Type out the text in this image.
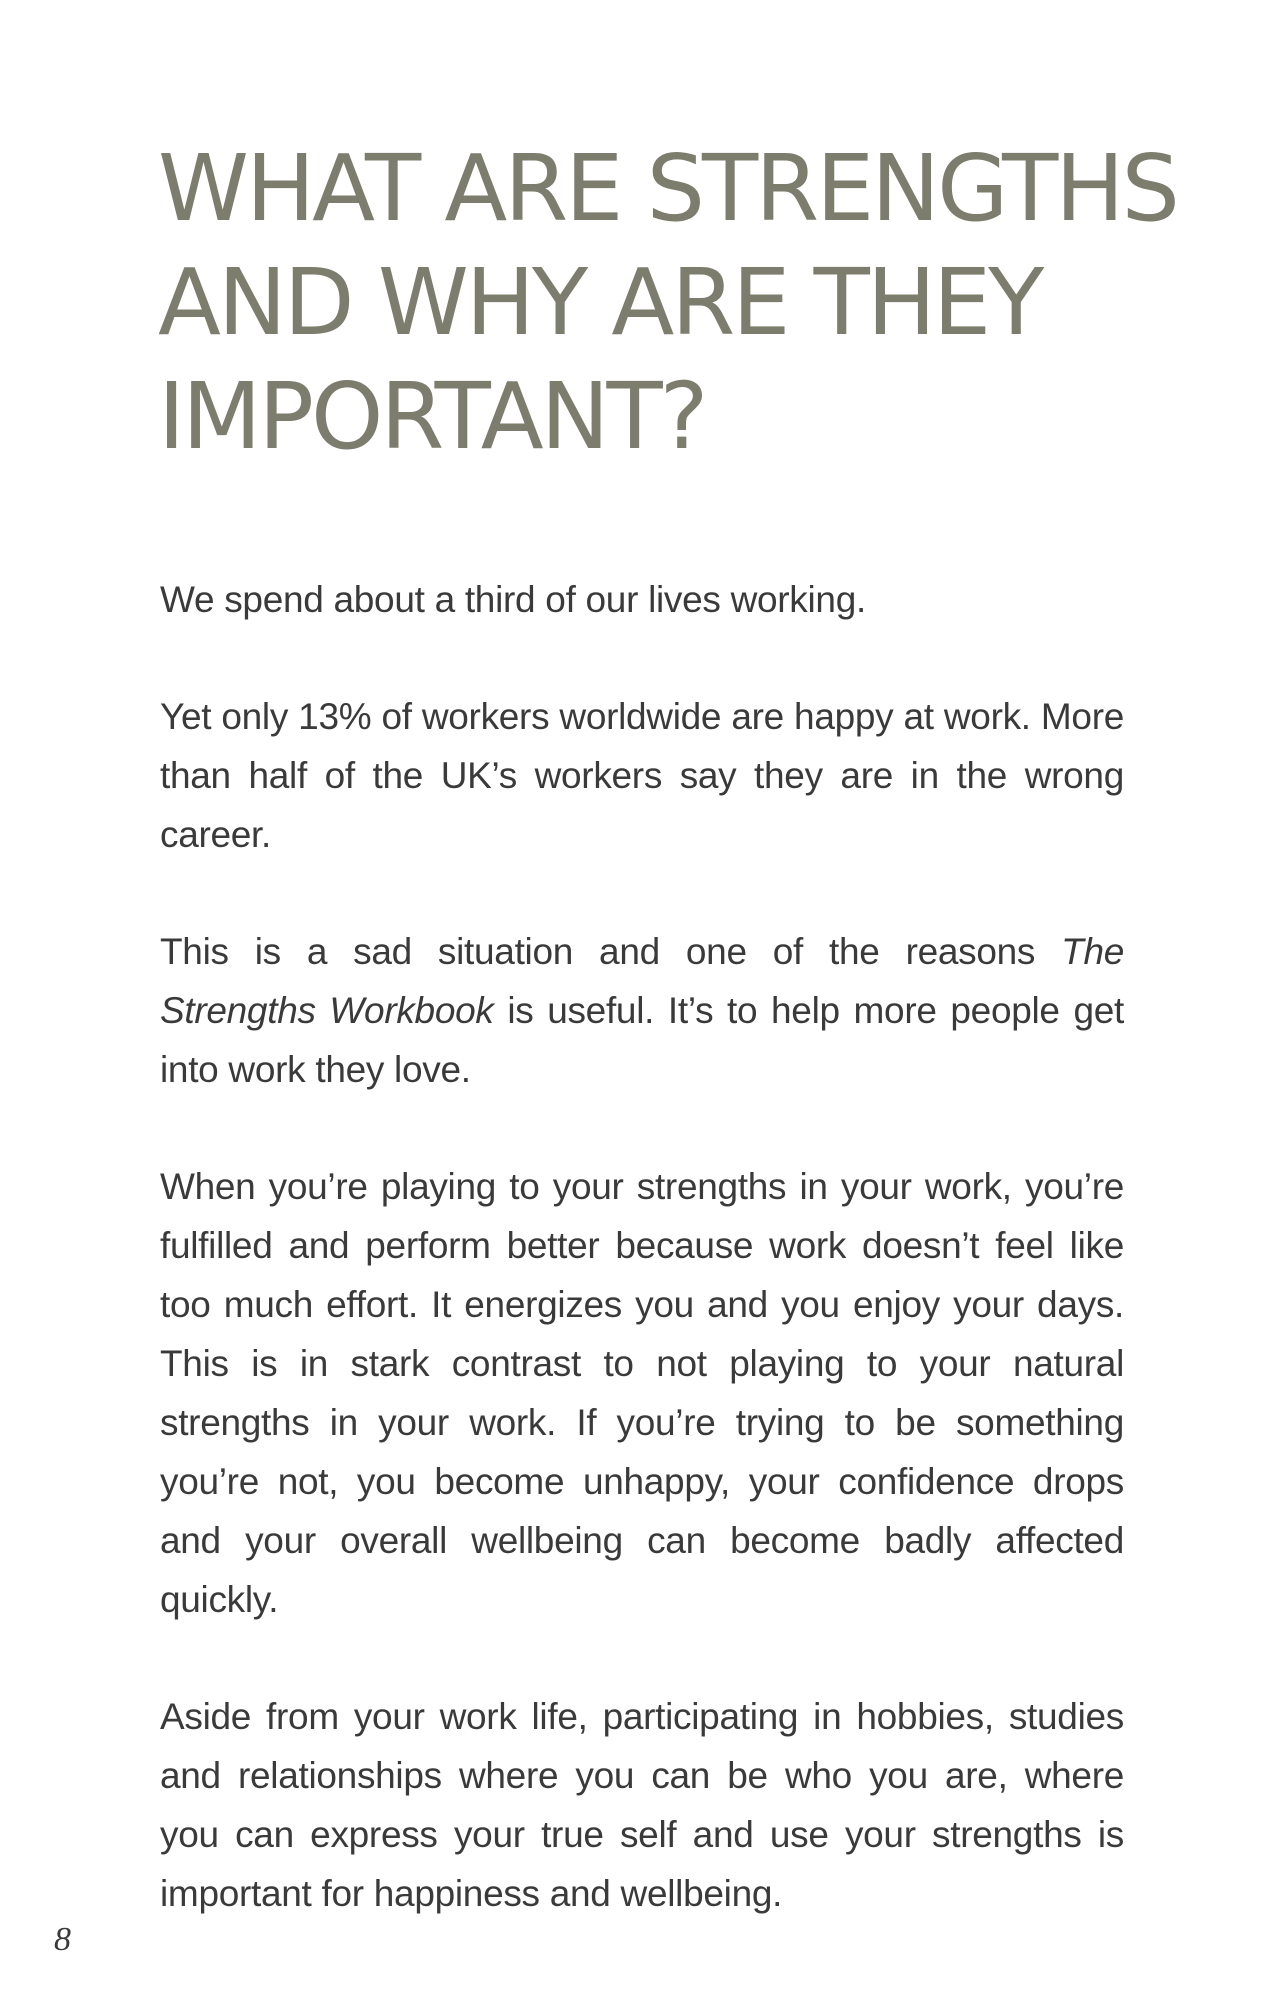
WHAT ARE STRENGTHS
AND WHY ARE THEY
IMPORTANT?

We spend about a third of our lives working.

Yet only 13% of workers worldwide are happy at work. More than half of the UK’s workers say they are in the wrong career.

This is a sad situation and one of the reasons The Strengths Workbook is useful. It’s to help more people get into work they love.

When you’re playing to your strengths in your work, you’re fulfilled and perform better because work doesn’t feel like too much effort. It energizes you and you enjoy your days. This is in stark contrast to not playing to your natural strengths in your work. If you’re trying to be something you’re not, you become unhappy, your confidence drops and your overall wellbeing can become badly affected quickly.

Aside from your work life, participating in hobbies, studies and relationships where you can be who you are, where you can express your true self and use your strengths is important for happiness and wellbeing.

8
